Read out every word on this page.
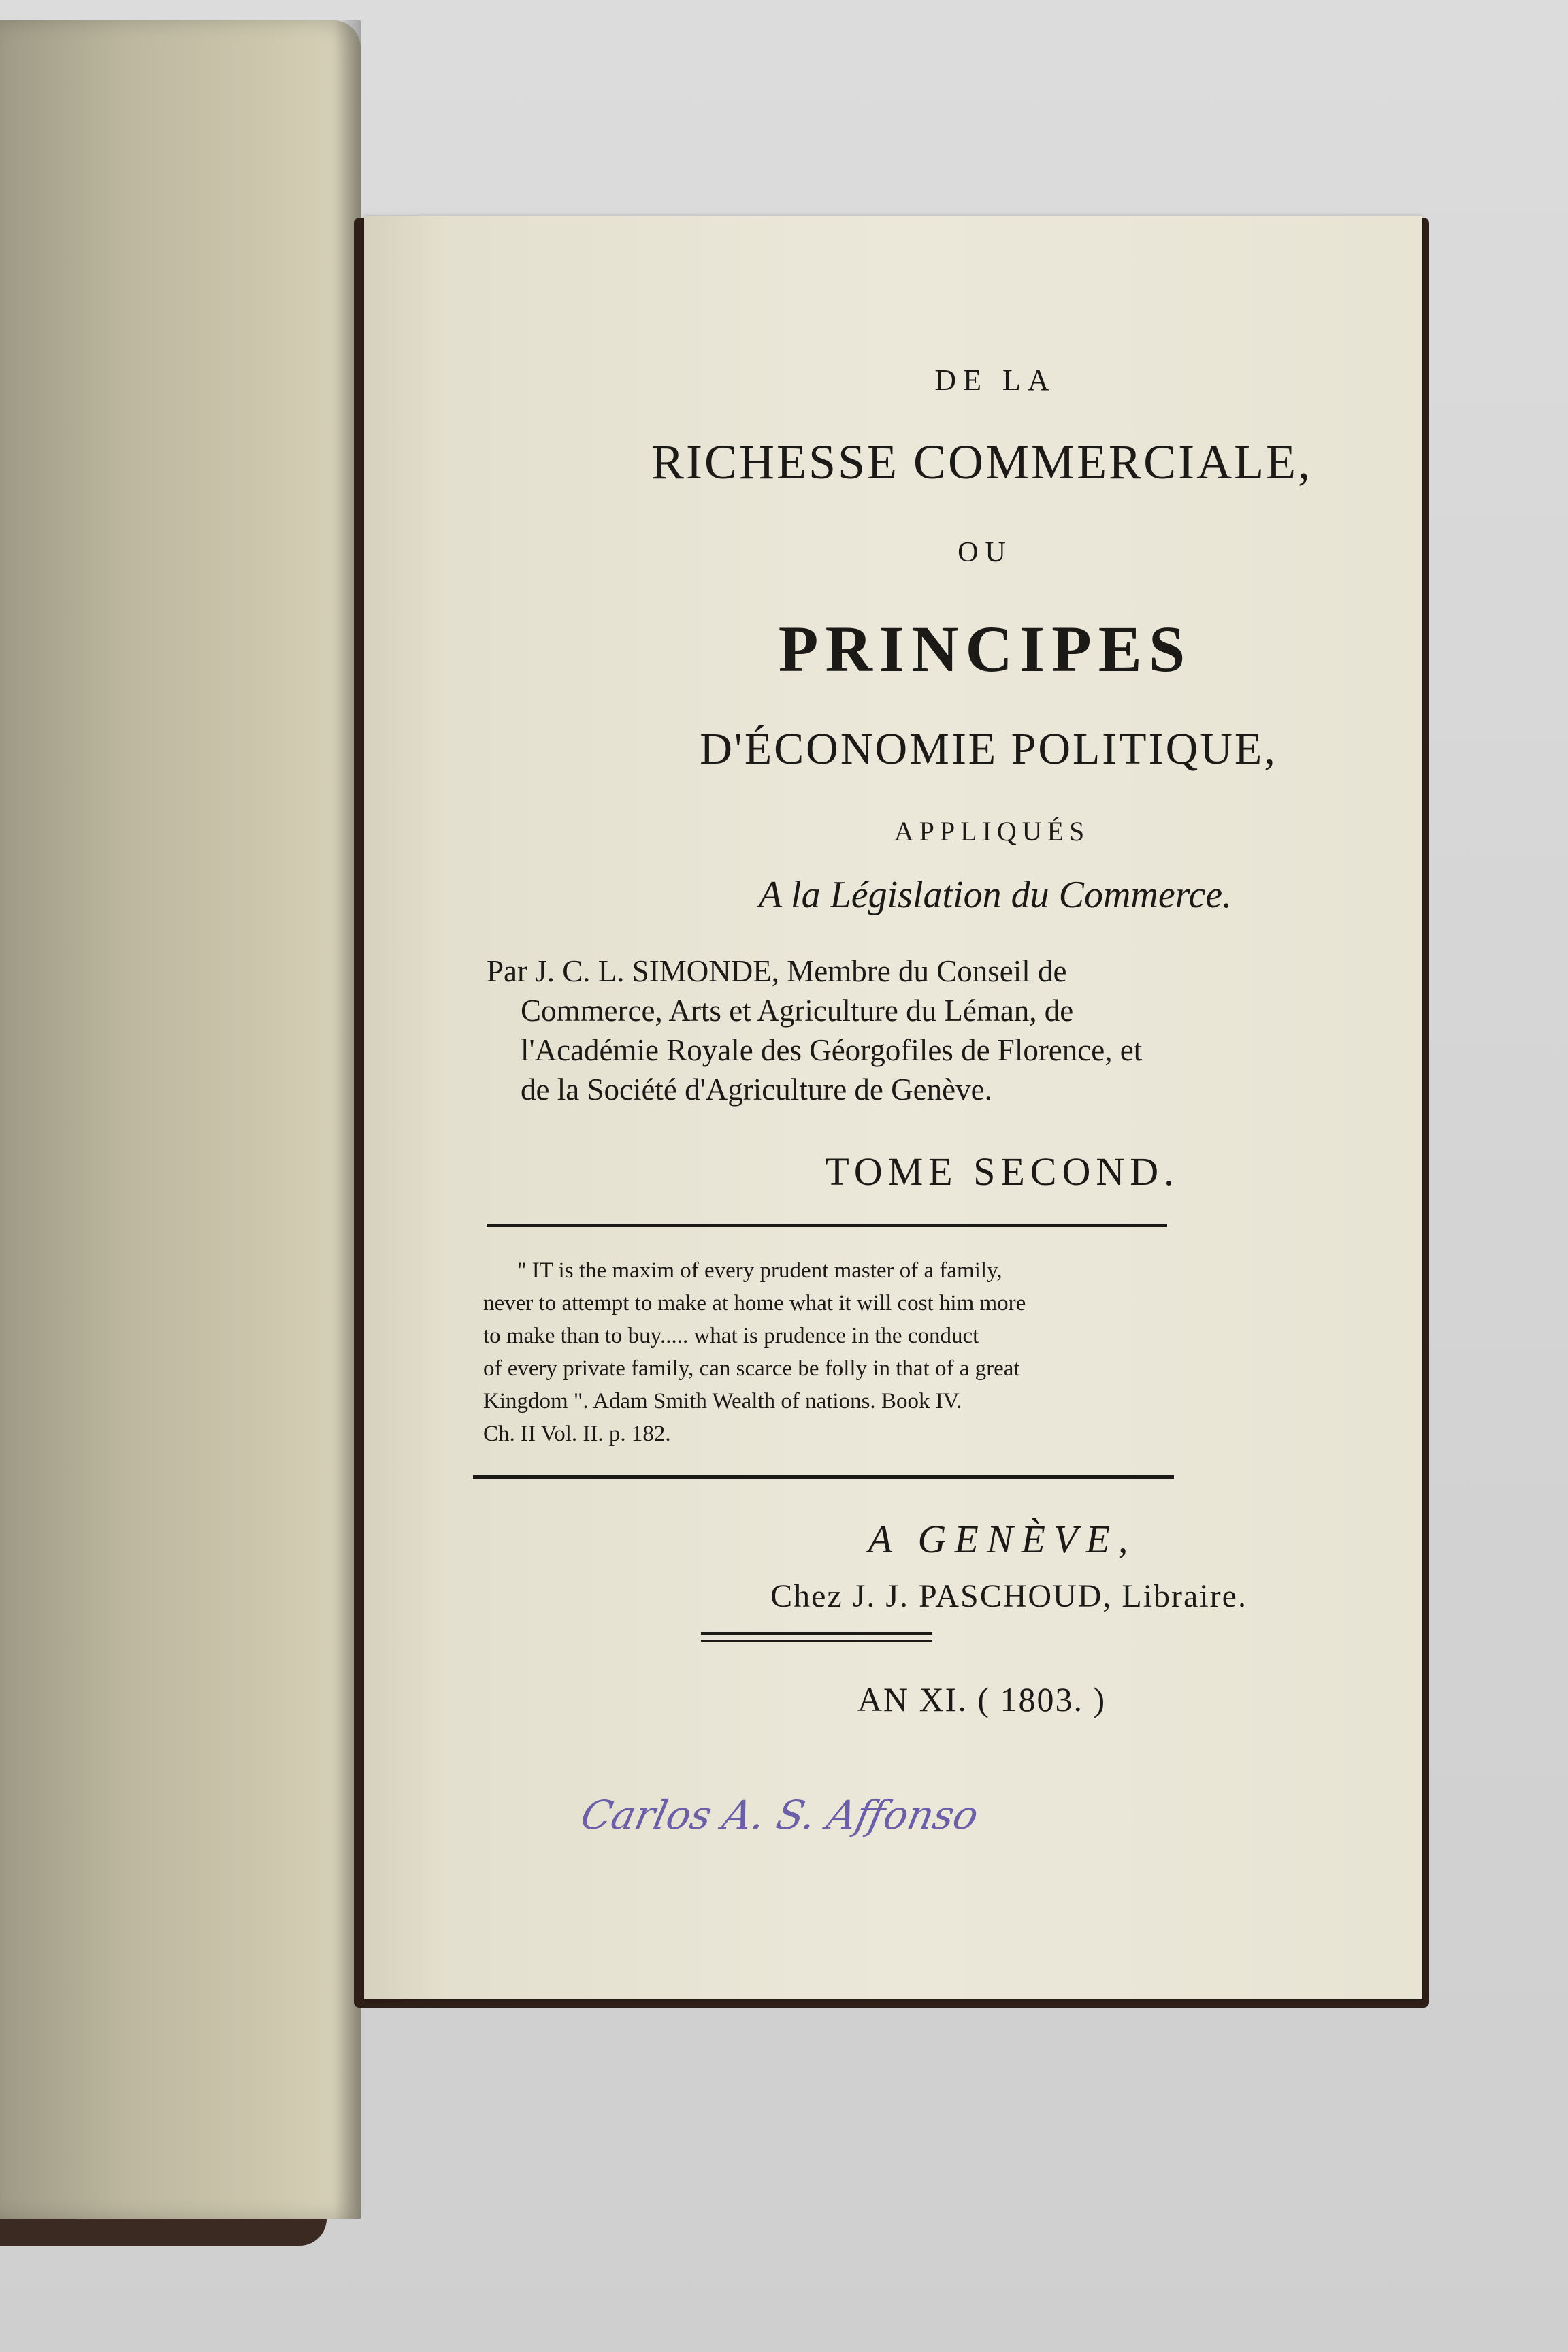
DE LA
RICHESSE COMMERCIALE,
OU
PRINCIPES
D'ÉCONOMIE POLITIQUE,
APPLIQUÉS
A la Législation du Commerce.
Par J. C. L. SIMONDE, Membre du Conseil de

Commerce, Arts et Agriculture du Léman, de
l'Académie Royale des Géorgofiles de Florence, et
de la Société d'Agriculture de Genève.
TOME SECOND.
" IT is the maxim of every prudent master of a family,
never to attempt to make at home what it will cost him more
to make than to buy..... what is prudence in the conduct
of every private family, can scarce be folly in that of a great
Kingdom ". Adam Smith Wealth of nations. Book IV.
Ch. II Vol. II. p. 182.
A GENÈVE,
Chez J. J. PASCHOUD, Libraire.
AN XI. ( 1803. )
Carlos A. S. Affonso
